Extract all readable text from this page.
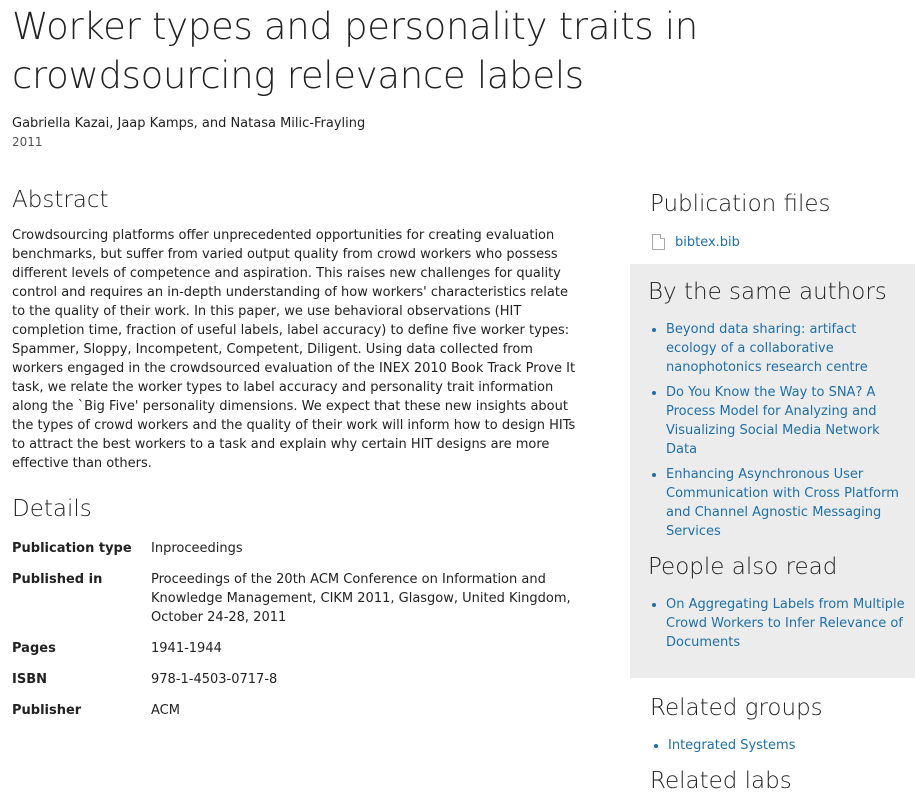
Worker types and personality traits in crowdsourcing relevance labels

Gabriella Kazai, Jaap Kamps, and Natasa Milic-Frayling

2011

Abstract

Crowdsourcing platforms offer unprecedented opportunities for creating evaluation benchmarks, but suffer from varied output quality from crowd workers who possess different levels of competence and aspiration. This raises new challenges for quality control and requires an in-depth understanding of how workers' characteristics relate to the quality of their work. In this paper, we use behavioral observations (HIT completion time, fraction of useful labels, label accuracy) to define five worker types: Spammer, Sloppy, Incompetent, Competent, Diligent. Using data collected from workers engaged in the crowdsourced evaluation of the INEX 2010 Book Track Prove It task, we relate the worker types to label accuracy and personality trait information along the `Big Five' personality dimensions. We expect that these new insights about the types of crowd workers and the quality of their work will inform how to design HITs to attract the best workers to a task and explain why certain HIT designs are more effective than others.

Details
Publication type	Inproceedings
Published in	Proceedings of the 20th ACM Conference on Information and Knowledge Management, CIKM 2011, Glasgow, United Kingdom, October 24-28, 2011
Pages	1941-1944
ISBN	978-1-4503-0717-8
Publisher	ACM
Publication files
bibtex.bib
By the same authors
• Beyond data sharing: artifact ecology of a collaborative nanophotonics research centre
• Do You Know the Way to SNA? A Process Model for Analyzing and Visualizing Social Media Network Data
• Enhancing Asynchronous User Communication with Cross Platform and Channel Agnostic Messaging Services
People also read
• On Aggregating Labels from Multiple Crowd Workers to Infer Relevance of Documents
Related groups
• Integrated Systems
Related labs
